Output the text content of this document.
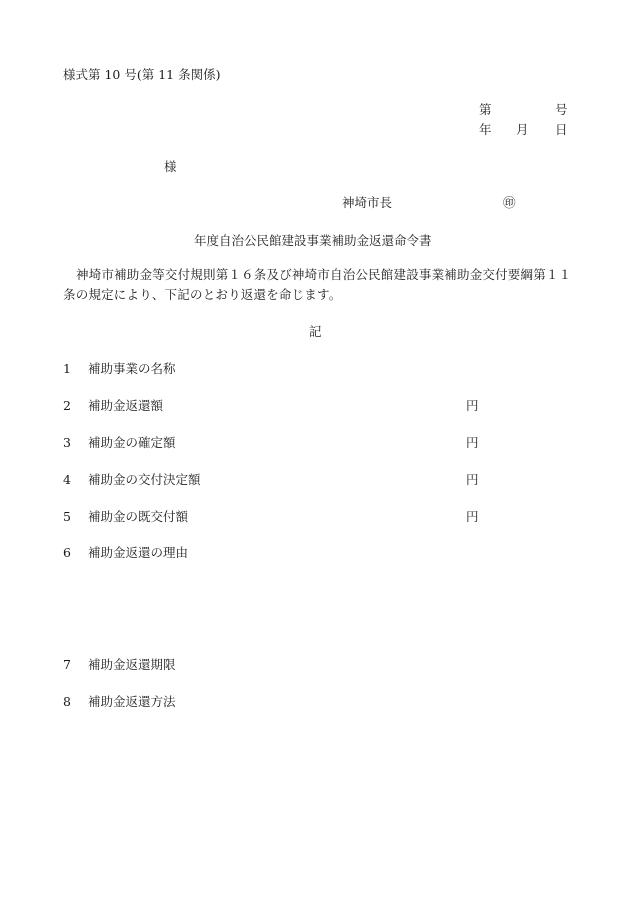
様式第 10 号(第 11 条関係)
第	号
年 月 日
様
神埼市長	㊞
年度自治公民館建設事業補助金返還命令書
神埼市補助金等交付規則第１６条及び神埼市自治公民館建設事業補助金交付要綱第１１条の規定により、下記のとおり返還を命じます。
記
1 補助事業の名称
2 補助金返還額	円
3 補助金の確定額	円
4 補助金の交付決定額	円
5 補助金の既交付額	円
6 補助金返還の理由
7 補助金返還期限
8 補助金返還方法
